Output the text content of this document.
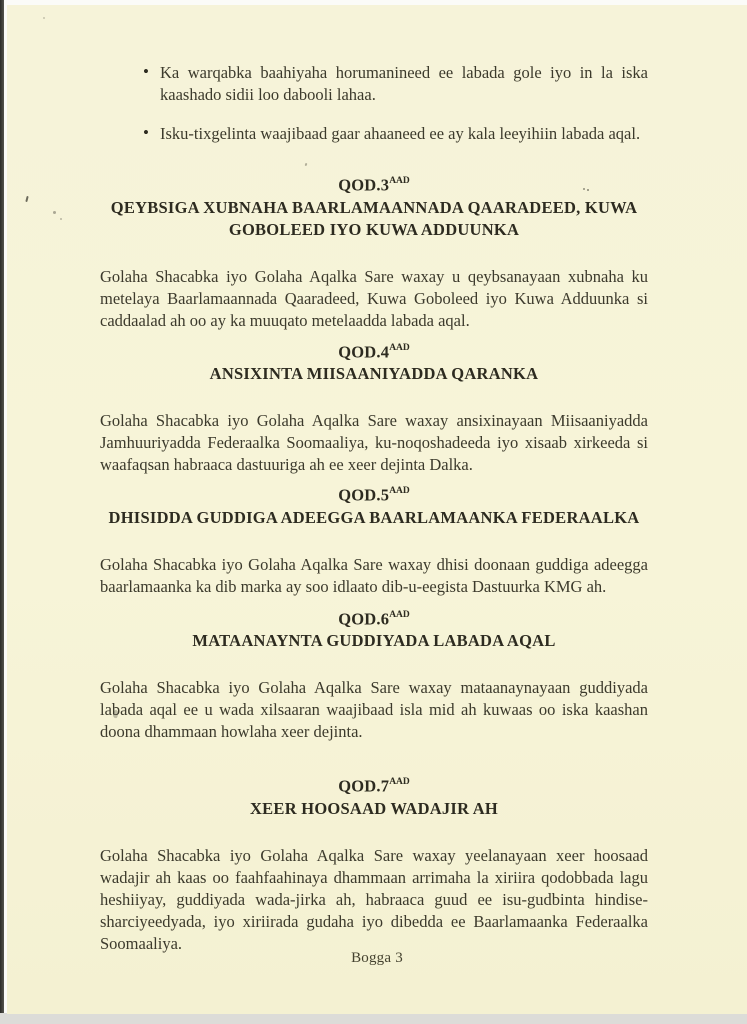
• Ka warqabka baahiyaha horumanineed ee labada gole iyo in la iska kaashado sidii loo dabooli lahaa.
• Isku-tixgelinta waajibaad gaar ahaaneed ee ay kala leeyihiin labada aqal.
$QOD.3^{AAD}$
QEYBSIGA XUBNAHA BAARLAMAANNADA QAARADEED, KUWA GOBOLEED IYO KUWA ADDUUNKA

Golaha Shacabka iyo Golaha Aqalka Sare waxay u qeybsanayaan xubnaha ku metelaya Baarlamaannada Qaaradeed, Kuwa Goboleed iyo Kuwa Adduunka si caddaalad ah oo ay ka muuqato metelaadda labada aqal.

$QOD.4^{AAD}$
ANSIXINTA MIISAANIYADDA QARANKA

Golaha Shacabka iyo Golaha Aqalka Sare waxay ansixinayaan Miisaaniyadda Jamhuuriyadda Federaalka Soomaaliya, ku-noqoshadeeda iyo xisaab xirkeeda si waafaqsan habraaca dastuuriga ah ee xeer dejinta Dalka.

$QOD.5^{AAD}$
DHISIDDA GUDDIGA ADEEGGA BAARLAMAANKA FEDERAALKA

Golaha Shacabka iyo Golaha Aqalka Sare waxay dhisi doonaan guddiga adeegga baarlamaanka ka dib marka ay soo idlaato dib-u-eegista Dastuurka KMG ah.

$QOD.6^{AAD}$
MATAANAYNTA GUDDIYADA LABADA AQAL

Golaha Shacabka iyo Golaha Aqalka Sare waxay mataanaynayaan guddiyada labada aqal ee u wada xilsaaran waajibaad isla mid ah kuwaas oo iska kaashan doona dhammaan howlaha xeer dejinta.

$QOD.7^{AAD}$
XEER HOOSAAD WADAJIR AH

Golaha Shacabka iyo Golaha Aqalka Sare waxay yeelanayaan xeer hoosaad wadajir ah kaas oo faahfaahinaya dhammaan arrimaha la xiriira qodobbada lagu heshiiyay, guddiyada wada-jirka ah, habraaca guud ee isu-gudbinta hindise-sharciyeedyada, iyo xiriirada gudaha iyo dibedda ee Baarlamaanka Federaalka Soomaaliya.

Bogga 3
